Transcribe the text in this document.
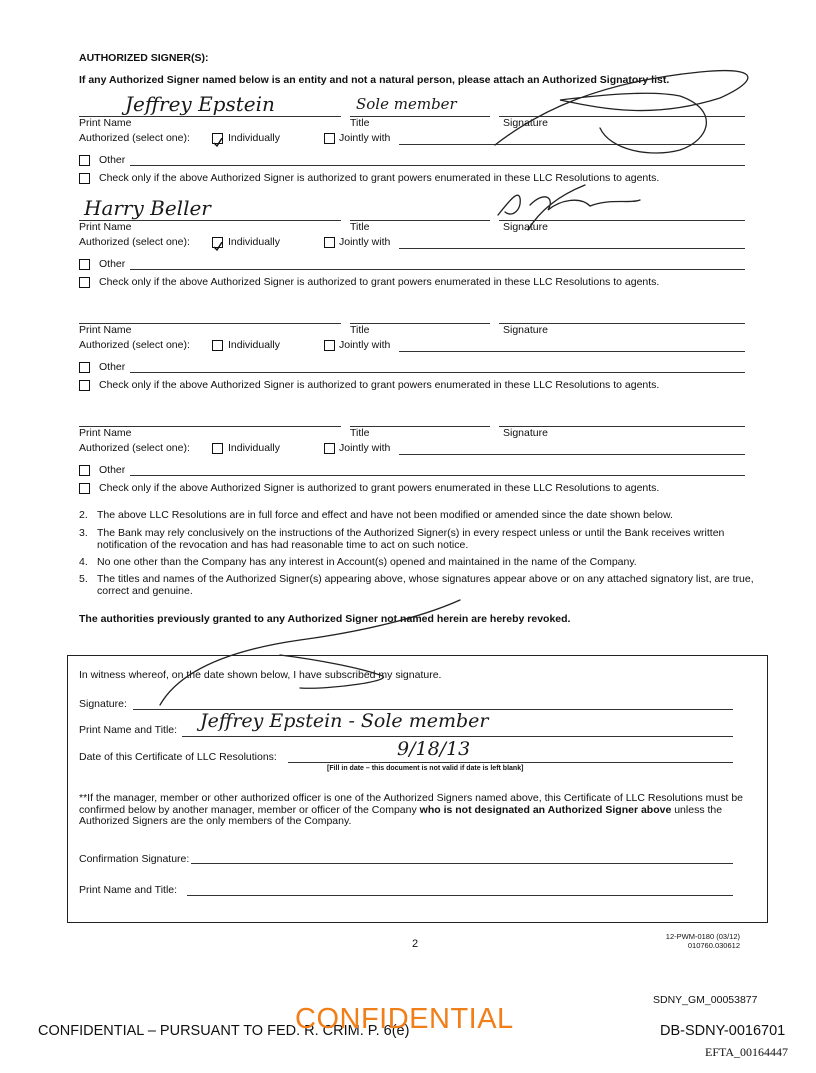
AUTHORIZED SIGNER(S):
If any Authorized Signer named below is an entity and not a natural person, please attach an Authorized Signatory list.
Jeffrey Epstein	Sole member
Print Name	Title	Signature
Authorized (select one):	Individually	Jointly with
Other
Check only if the above Authorized Signer is authorized to grant powers enumerated in these LLC Resolutions to agents.
Harry Beller
Print Name	Title	Signature
Authorized (select one):	Individually	Jointly with
Other
Check only if the above Authorized Signer is authorized to grant powers enumerated in these LLC Resolutions to agents.
Print Name	Title	Signature
Authorized (select one):	Individually	Jointly with
Other
Check only if the above Authorized Signer is authorized to grant powers enumerated in these LLC Resolutions to agents.
Print Name	Title	Signature
Authorized (select one):	Individually	Jointly with
Other
Check only if the above Authorized Signer is authorized to grant powers enumerated in these LLC Resolutions to agents.
2. The above LLC Resolutions are in full force and effect and have not been modified or amended since the date shown below.
3. The Bank may rely conclusively on the instructions of the Authorized Signer(s) in every respect unless or until the Bank receives written notification of the revocation and has had reasonable time to act on such notice.
4. No one other than the Company has any interest in Account(s) opened and maintained in the name of the Company.
5. The titles and names of the Authorized Signer(s) appearing above, whose signatures appear above or on any attached signatory list, are true, correct and genuine.
The authorities previously granted to any Authorized Signer not named herein are hereby revoked.
In witness whereof, on the date shown below, I have subscribed my signature.
Signature:
Print Name and Title: Jeffrey Epstein - Sole member
Date of this Certificate of LLC Resolutions:	9/18/13
[Fill in date – this document is not valid if date is left blank]
**If the manager, member or other authorized officer is one of the Authorized Signers named above, this Certificate of LLC Resolutions must be confirmed below by another manager, member or officer of the Company who is not designated an Authorized Signer above unless the Authorized Signers are the only members of the Company.
Confirmation Signature:
Print Name and Title:
2
12-PWM-0180 (03/12)
010760.030612
SDNY_GM_00053877
CONFIDENTIAL – PURSUANT TO FED. R. CRIM. P. 6(e)
CONFIDENTIAL	DB-SDNY-0016701
EFTA_00164447
